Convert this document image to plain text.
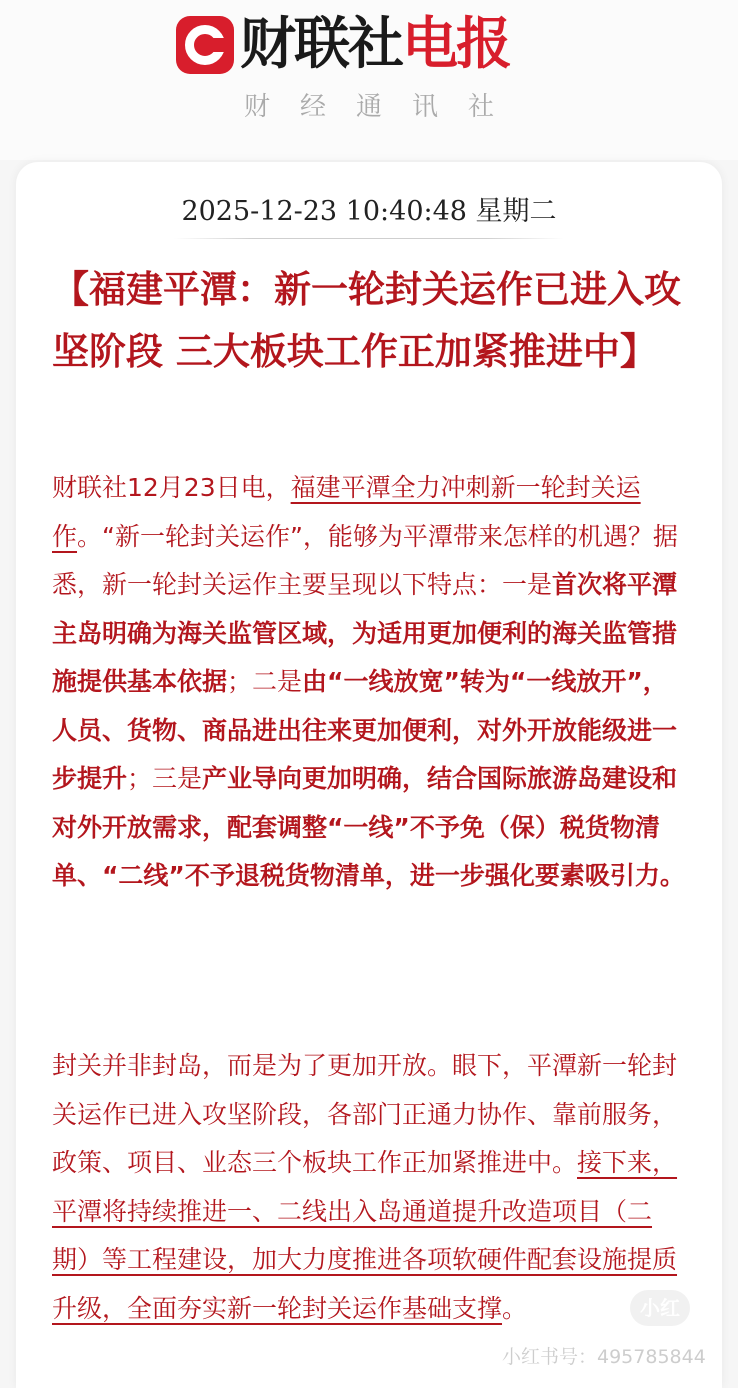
财联社电报
财经通讯社
2025-12-23 10:40:48 星期二
【福建平潭：新一轮封关运作已进入攻坚阶段 三大板块工作正加紧推进中】
财联社12月23日电，福建平潭全力冲刺新一轮封关运作。“新一轮封关运作”，能够为平潭带来怎样的机遇？据悉，新一轮封关运作主要呈现以下特点：一是首次将平潭主岛明确为海关监管区域，为适用更加便利的海关监管措施提供基本依据；二是由“一线放宽”转为“一线放开”，人员、货物、商品进出往来更加便利，对外开放能级进一步提升；三是产业导向更加明确，结合国际旅游岛建设和对外开放需求，配套调整“一线”不予免（保）税货物清单、“二线”不予退税货物清单，进一步强化要素吸引力。
封关并非封岛，而是为了更加开放。眼下，平潭新一轮封关运作已进入攻坚阶段，各部门正通力协作、靠前服务，政策、项目、业态三个板块工作正加紧推进中。接下来，平潭将持续推进一、二线出入岛通道提升改造项目（二期）等工程建设，加大力度推进各项软硬件配套设施提质升级，全面夯实新一轮封关运作基础支撑。	小红
小红书号：4957858​44
